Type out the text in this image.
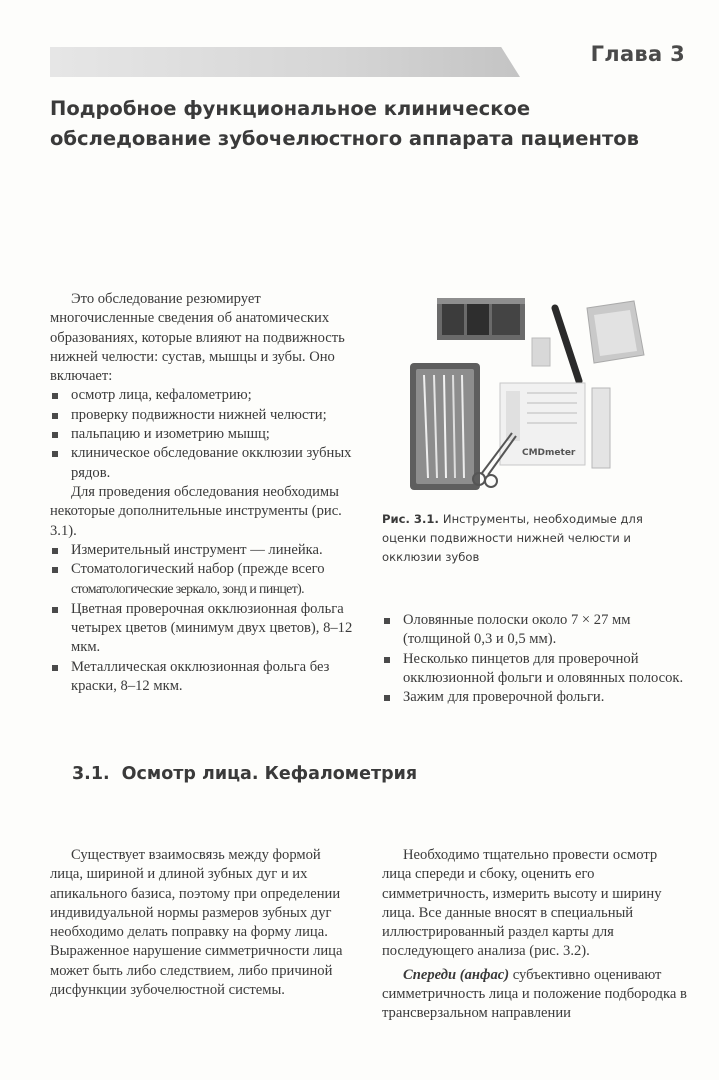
Глава 3
Подробное функциональное клиническое
обследование зубочелюстного аппарата пациентов

Это обследование резюмирует многочисленные сведения об анатомических образованиях, которые влияют на подвижность нижней челюсти: сустав, мышцы и зубы. Оно включает:

осмотр лица, кефалометрию;
проверку подвижности нижней челюсти;
пальпацию и изометрию мышц;
клиническое обследование окклюзии зубных рядов.

Для проведения обследования необходимы некоторые дополнительные инструменты (рис. 3.1).

Измерительный инструмент — линейка.
Стоматологический набор (прежде всего
стоматологические зеркало, зонд и пинцет).
Цветная проверочная окклюзионная фольга четырех цветов (минимум двух цветов), 8–12 мкм.
Металлическая окклюзионная фольга без краски, 8–12 мкм.
CMDmeter
Рис. 3.1. Инструменты, необходимые для оценки подвижности нижней челюсти и окклюзии зубов
Оловянные полоски около 7 × 27 мм (толщиной 0,3 и 0,5 мм).
Несколько пинцетов для проверочной окклюзионной фольги и оловянных полосок.
Зажим для проверочной фольги.
3.1. Осмотр лица. Кефалометрия

Существует взаимосвязь между формой лица, шириной и длиной зубных дуг и их апикального базиса, поэтому при определении индивидуальной нормы размеров зубных дуг необходимо делать поправку на форму лица. Выраженное нарушение симметричности лица может быть либо следствием, либо причиной дисфункции зубочелюстной системы.

Необходимо тщательно провести осмотр лица спереди и сбоку, оценить его симметричность, измерить высоту и ширину лица. Все данные вносят в специальный иллюстрированный раздел карты для последующего анализа (рис. 3.2).

Спереди (анфас) субъективно оценивают симметричность лица и положение подбородка в трансверзальном направлении
